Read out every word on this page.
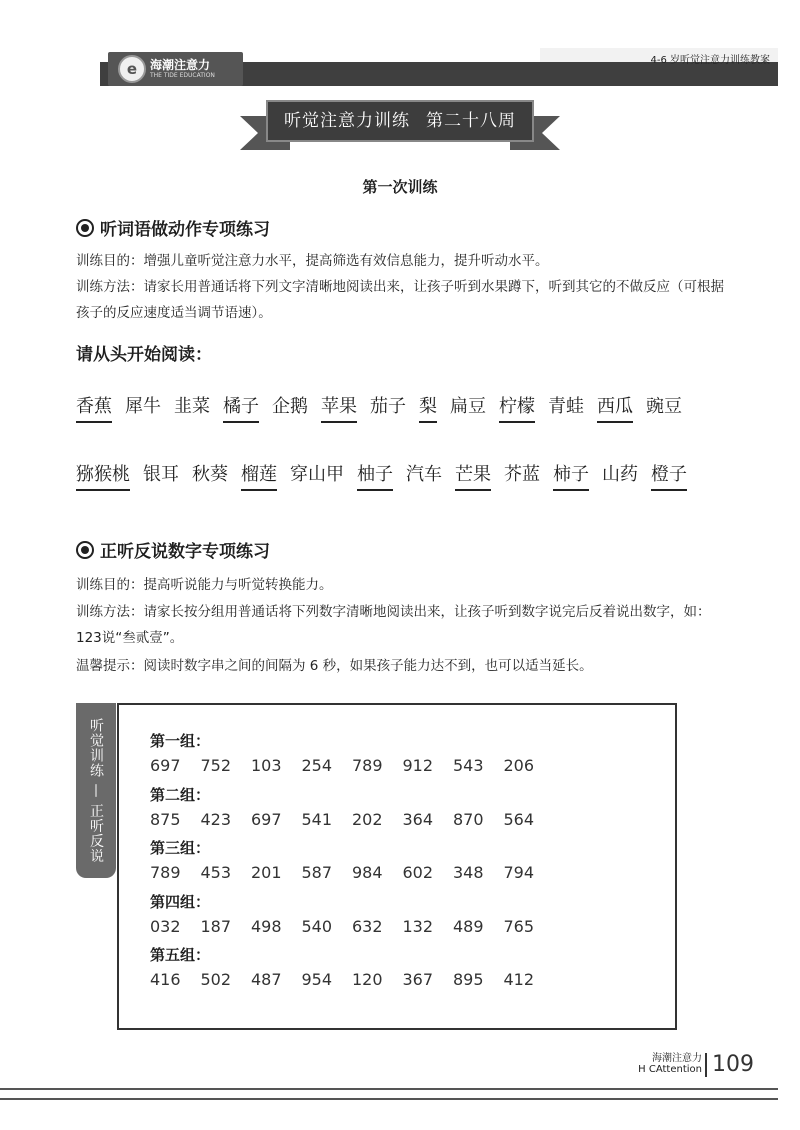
4-6 岁听觉注意力训练教案
e	海潮注意力
THE TIDE EDUCATION
听觉注意力训练 第二十八周
第一次训练
听词语做动作专项练习
训练目的：增强儿童听觉注意力水平，提高筛选有效信息能力，提升听动水平。
训练方法：请家长用普通话将下列文字清晰地阅读出来，让孩子听到水果蹲下，听到其它的不做反应（可根据孩子的反应速度适当调节语速）。
请从头开始阅读：
香蕉 犀牛 韭菜 橘子 企鹅 苹果 茄子 梨 扁豆 柠檬 青蛙 西瓜 豌豆
猕猴桃 银耳 秋葵 榴莲 穿山甲 柚子 汽车 芒果 芥蓝 柿子 山药 橙子
正听反说数字专项练习
训练目的：提高听说能力与听觉转换能力。
训练方法：请家长按分组用普通话将下列数字清晰地阅读出来，让孩子听到数字说完后反着说出数字，如：123说“叁贰壹”。
温馨提示：阅读时数字串之间的间隔为 6 秒，如果孩子能力达不到，也可以适当延长。
听觉训练 — 正听反说	第一组：
697 752 103 254 789 912 543 206
第二组：
875 423 697 541 202 364 870 564
第三组：
789 453 201 587 984 602 348 794
第四组：
032 187 498 540 632 132 489 765
第五组：
416 502 487 954 120 367 895 412
海潮注意力
H CAttention 109
